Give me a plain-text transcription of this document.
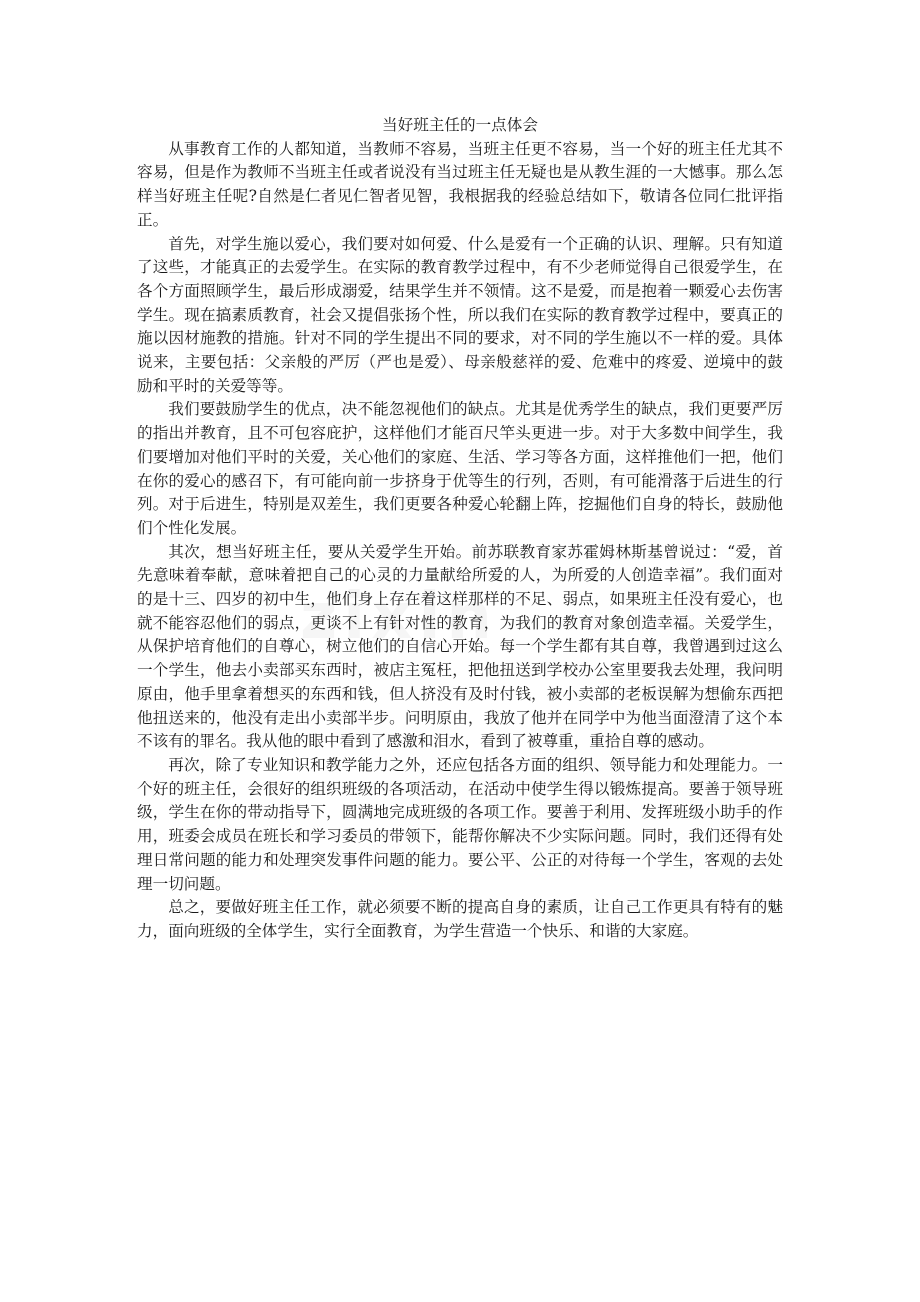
当好班主任的一点体会

从事教育工作的人都知道，当教师不容易，当班主任更不容易，当一个好的班主任尤其不容易，但是作为教师不当班主任或者说没有当过班主任无疑也是从教生涯的一大憾事。那么怎样当好班主任呢?自然是仁者见仁智者见智，我根据我的经验总结如下，敬请各位同仁批评指正。

首先，对学生施以爱心，我们要对如何爱、什么是爱有一个正确的认识、理解。只有知道了这些，才能真正的去爱学生。在实际的教育教学过程中，有不少老师觉得自己很爱学生，在各个方面照顾学生，最后形成溺爱，结果学生并不领情。这不是爱，而是抱着一颗爱心去伤害学生。现在搞素质教育，社会又提倡张扬个性，所以我们在实际的教育教学过程中，要真正的施以因材施教的措施。针对不同的学生提出不同的要求，对不同的学生施以不一样的爱。具体说来，主要包括：父亲般的严厉（严也是爱）、母亲般慈祥的爱、危难中的疼爱、逆境中的鼓励和平时的关爱等等。

我们要鼓励学生的优点，决不能忽视他们的缺点。尤其是优秀学生的缺点，我们更要严厉的指出并教育，且不可包容庇护，这样他们才能百尺竿头更进一步。对于大多数中间学生，我们要增加对他们平时的关爱，关心他们的家庭、生活、学习等各方面，这样推他们一把，他们在你的爱心的感召下，有可能向前一步挤身于优等生的行列，否则，有可能滑落于后进生的行列。对于后进生，特别是双差生，我们更要各种爱心轮翻上阵，挖掘他们自身的特长，鼓励他们个性化发展。

其次，想当好班主任，要从关爱学生开始。前苏联教育家苏霍姆林斯基曾说过：“爱，首先意味着奉献，意味着把自己的心灵的力量献给所爱的人，为所爱的人创造幸福”。我们面对的是十三、四岁的初中生，他们身上存在着这样那样的不足、弱点，如果班主任没有爱心，也就不能容忍他们的弱点，更谈不上有针对性的教育，为我们的教育对象创造幸福。关爱学生，从保护培育他们的自尊心，树立他们的自信心开始。每一个学生都有其自尊，我曾遇到过这么一个学生，他去小卖部买东西时，被店主冤枉，把他扭送到学校办公室里要我去处理，我问明原由，他手里拿着想买的东西和钱，但人挤没有及时付钱，被小卖部的老板误解为想偷东西把他扭送来的，他没有走出小卖部半步。问明原由，我放了他并在同学中为他当面澄清了这个本不该有的罪名。我从他的眼中看到了感激和泪水，看到了被尊重，重拾自尊的感动。

再次，除了专业知识和教学能力之外，还应包括各方面的组织、领导能力和处理能力。一个好的班主任，会很好的组织班级的各项活动，在活动中使学生得以锻炼提高。要善于领导班级，学生在你的带动指导下，圆满地完成班级的各项工作。要善于利用、发挥班级小助手的作用，班委会成员在班长和学习委员的带领下，能帮你解决不少实际问题。同时，我们还得有处理日常问题的能力和处理突发事件问题的能力。要公平、公正的对待每一个学生，客观的去处理一切问题。

总之，要做好班主任工作，就必须要不断的提高自身的素质，让自己工作更具有特有的魅力，面向班级的全体学生，实行全面教育，为学生营造一个快乐、和谐的大家庭。
